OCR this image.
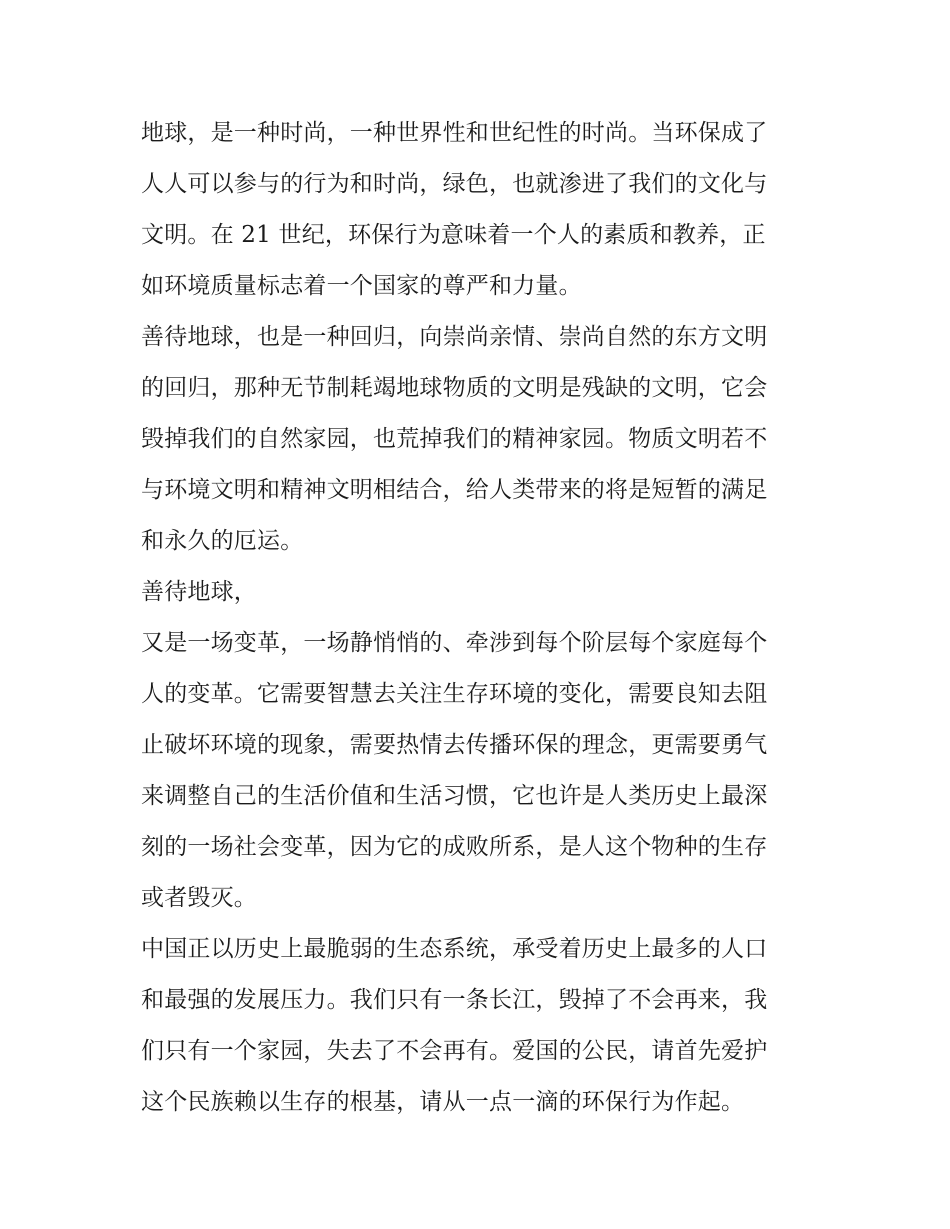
地球，是一种时尚，一种世界性和世纪性的时尚。当环保成了
人人可以参与的行为和时尚，绿色，也就渗进了我们的文化与
文明。在 21 世纪，环保行为意味着一个人的素质和教养，正
如环境质量标志着一个国家的尊严和力量。
善待地球，也是一种回归，向崇尚亲情、崇尚自然的东方文明
的回归，那种无节制耗竭地球物质的文明是残缺的文明，它会
毁掉我们的自然家园，也荒掉我们的精神家园。物质文明若不
与环境文明和精神文明相结合，给人类带来的将是短暂的满足
和永久的厄运。
善待地球，
又是一场变革，一场静悄悄的、牵涉到每个阶层每个家庭每个
人的变革。它需要智慧去关注生存环境的变化，需要良知去阻
止破坏环境的现象，需要热情去传播环保的理念，更需要勇气
来调整自己的生活价值和生活习惯，它也许是人类历史上最深
刻的一场社会变革，因为它的成败所系，是人这个物种的生存
或者毁灭。
中国正以历史上最脆弱的生态系统，承受着历史上最多的人口
和最强的发展压力。我们只有一条长江，毁掉了不会再来，我
们只有一个家园，失去了不会再有。爱国的公民，请首先爱护
这个民族赖以生存的根基，请从一点一滴的环保行为作起。
